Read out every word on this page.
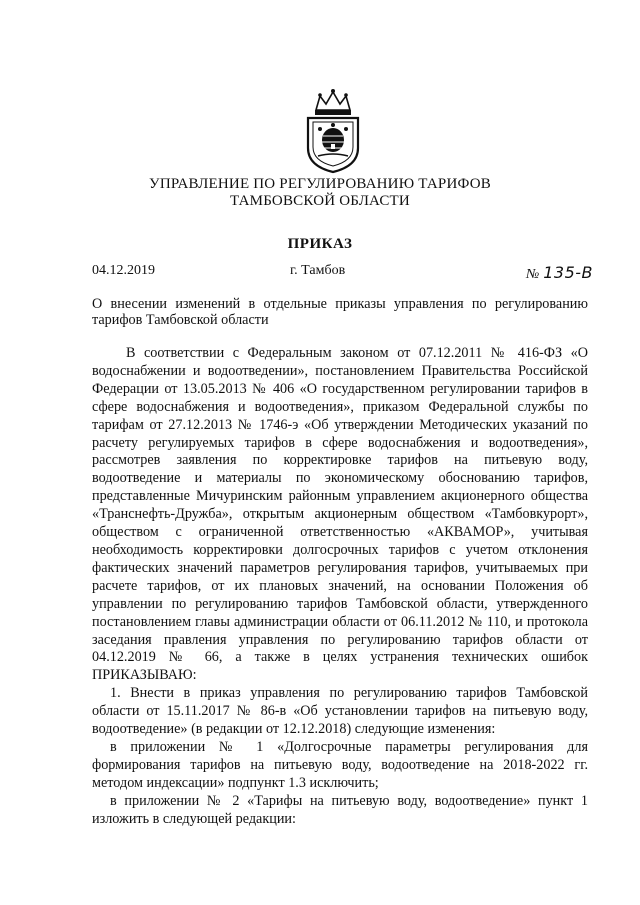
УПРАВЛЕНИЕ ПО РЕГУЛИРОВАНИЮ ТАРИФОВ
ТАМБОВСКОЙ ОБЛАСТИ
ПРИКАЗ
04.12.2019	г. Тамбов	№ 135-В
О внесении изменений в отдельные приказы управления по регулированию тарифов Тамбовской области

В соответствии с Федеральным законом от 07.12.2011 № 416-ФЗ «О водоснабжении и водоотведении», постановлением Правительства Российской Федерации от 13.05.2013 № 406 «О государственном регулировании тарифов в сфере водоснабжения и водоотведения», приказом Федеральной службы по тарифам от 27.12.2013 № 1746-э «Об утверждении Методических указаний по расчету регулируемых тарифов в сфере водоснабжения и водоотведения», рассмотрев заявления по корректировке тарифов на питьевую воду, водоотведение и материалы по экономическому обоснованию тарифов, представленные Мичуринским районным управлением акционерного общества «Транснефть-Дружба», открытым акционерным обществом «Тамбовкурорт», обществом с ограниченной ответственностью «АКВАМОР», учитывая необходимость корректировки долгосрочных тарифов с учетом отклонения фактических значений параметров регулирования тарифов, учитываемых при расчете тарифов, от их плановых значений, на основании Положения об управлении по регулированию тарифов Тамбовской области, утвержденного постановлением главы администрации области от 06.11.2012 № 110, и протокола заседания правления управления по регулированию тарифов области от 04.12.2019 № 66, а также в целях устранения технических ошибок ПРИКАЗЫВАЮ:

1. Внести в приказ управления по регулированию тарифов Тамбовской области от 15.11.2017 № 86-в «Об установлении тарифов на питьевую воду, водоотведение» (в редакции от 12.12.2018) следующие изменения:

в приложении № 1 «Долгосрочные параметры регулирования для формирования тарифов на питьевую воду, водоотведение на 2018-2022 гг. методом индексации» подпункт 1.3 исключить;

в приложении № 2 «Тарифы на питьевую воду, водоотведение» пункт 1 изложить в следующей редакции:
